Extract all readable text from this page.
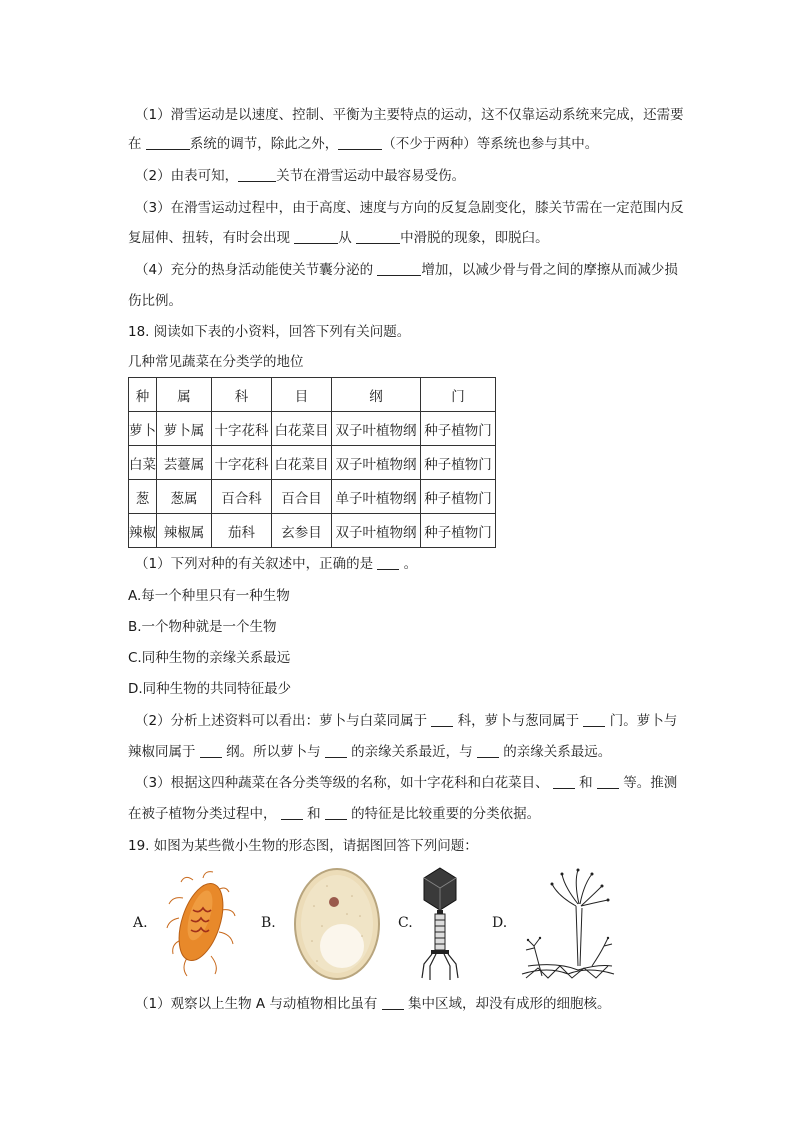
（1）滑雪运动是以速度、控制、平衡为主要特点的运动，这不仅靠运动系统来完成，还需要
在	系统的调节，除此之外，	（不少于两种）等系统也参与其中。
（2）由表可知，	关节在滑雪运动中最容易受伤。
（3）在滑雪运动过程中，由于高度、速度与方向的反复急剧变化，膝关节需在一定范围内反
复屈伸、扭转，有时会出现	从	中滑脱的现象，即脱臼。
（4）充分的热身活动能使关节囊分泌的	增加，以减少骨与骨之间的摩擦从而减少损
伤比例。
18. 阅读如下表的小资料，回答下列有关问题。
几种常见蔬菜在分类学的地位
种	属	科	目	纲	门
萝卜	萝卜属	十字花科	白花菜目	双子叶植物纲	种子植物门
白菜	芸薹属	十字花科	白花菜目	双子叶植物纲	种子植物门
葱	葱属	百合科	百合目	单子叶植物纲	种子植物门
辣椒	辣椒属	茄科	玄参目	双子叶植物纲	种子植物门
（1）下列对种的有关叙述中，正确的是  。
A.每一个种里只有一种生物
B.一个物种就是一个生物
C.同种生物的亲缘关系最远
D.同种生物的共同特征最少
（2）分析上述资料可以看出：萝卜与白菜同属于  科，萝卜与葱同属于  门。萝卜与
辣椒同属于  纲。所以萝卜与  的亲缘关系最近，与  的亲缘关系最远。
（3）根据这四种蔬菜在各分类等级的名称，如十字花科和白花菜目、  和  等。推测
在被子植物分类过程中，  和  的特征是比较重要的分类依据。
19. 如图为某些微小生物的形态图，请据图回答下列问题：
A.	B.	C.	D.
（1）观察以上生物 A 与动植物相比虽有  集中区域，却没有成形的细胞核。
